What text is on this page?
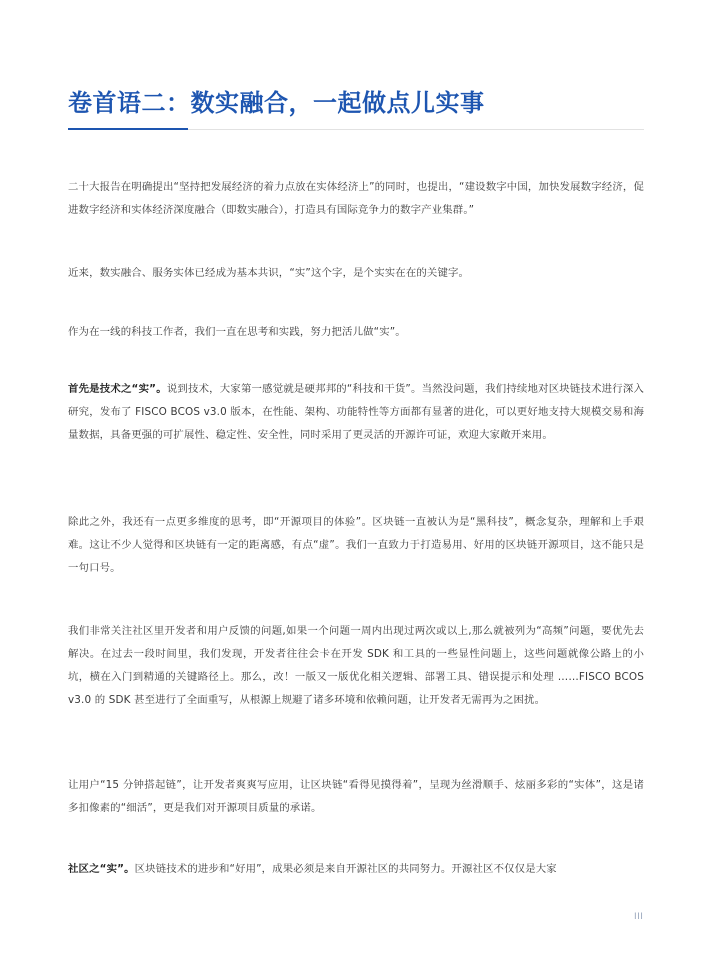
卷首语二：数实融合，一起做点儿实事

二十大报告在明确提出“坚持把发展经济的着力点放在实体经济上”的同时，也提出，“建设数字中国，加快发展数字经济，促进数字经济和实体经济深度融合（即数实融合），打造具有国际竞争力的数字产业集群。”

近来，数实融合、服务实体已经成为基本共识，“实”这个字，是个实实在在的关键字。

作为在一线的科技工作者，我们一直在思考和实践，努力把活儿做“实”。

首先是技术之“实”。说到技术，大家第一感觉就是硬邦邦的“科技和干货”。当然没问题，我们持续地对区块链技术进行深入研究，发布了 FISCO BCOS v3.0 版本，在性能、架构、功能特性等方面都有显著的进化，可以更好地支持大规模交易和海量数据，具备更强的可扩展性、稳定性、安全性，同时采用了更灵活的开源许可证，欢迎大家敞开来用。

除此之外，我还有一点更多维度的思考，即“开源项目的体验”。区块链一直被认为是“黑科技”，概念复杂，理解和上手艰难。这让不少人觉得和区块链有一定的距离感，有点“虚”。我们一直致力于打造易用、好用的区块链开源项目，这不能只是一句口号。

我们非常关注社区里开发者和用户反馈的问题,如果一个问题一周内出现过两次或以上,那么就被列为“高频”问题，要优先去解决。在过去一段时间里，我们发现，开发者往往会卡在开发 SDK 和工具的一些显性问题上，这些问题就像公路上的小坑，横在入门到精通的关键路径上。那么，改！一版又一版优化相关逻辑、部署工具、错误提示和处理 ……FISCO BCOS v3.0 的 SDK 甚至进行了全面重写，从根源上规避了诸多环境和依赖问题，让开发者无需再为之困扰。

让用户“15 分钟搭起链”，让开发者爽爽写应用，让区块链“看得见摸得着”，呈现为丝滑顺手、炫丽多彩的“实体”，这是诸多扣像素的“细活”，更是我们对开源项目质量的承诺。

社区之“实”。区块链技术的进步和“好用”，成果必须是来自开源社区的共同努力。开源社区不仅仅是大家

III
